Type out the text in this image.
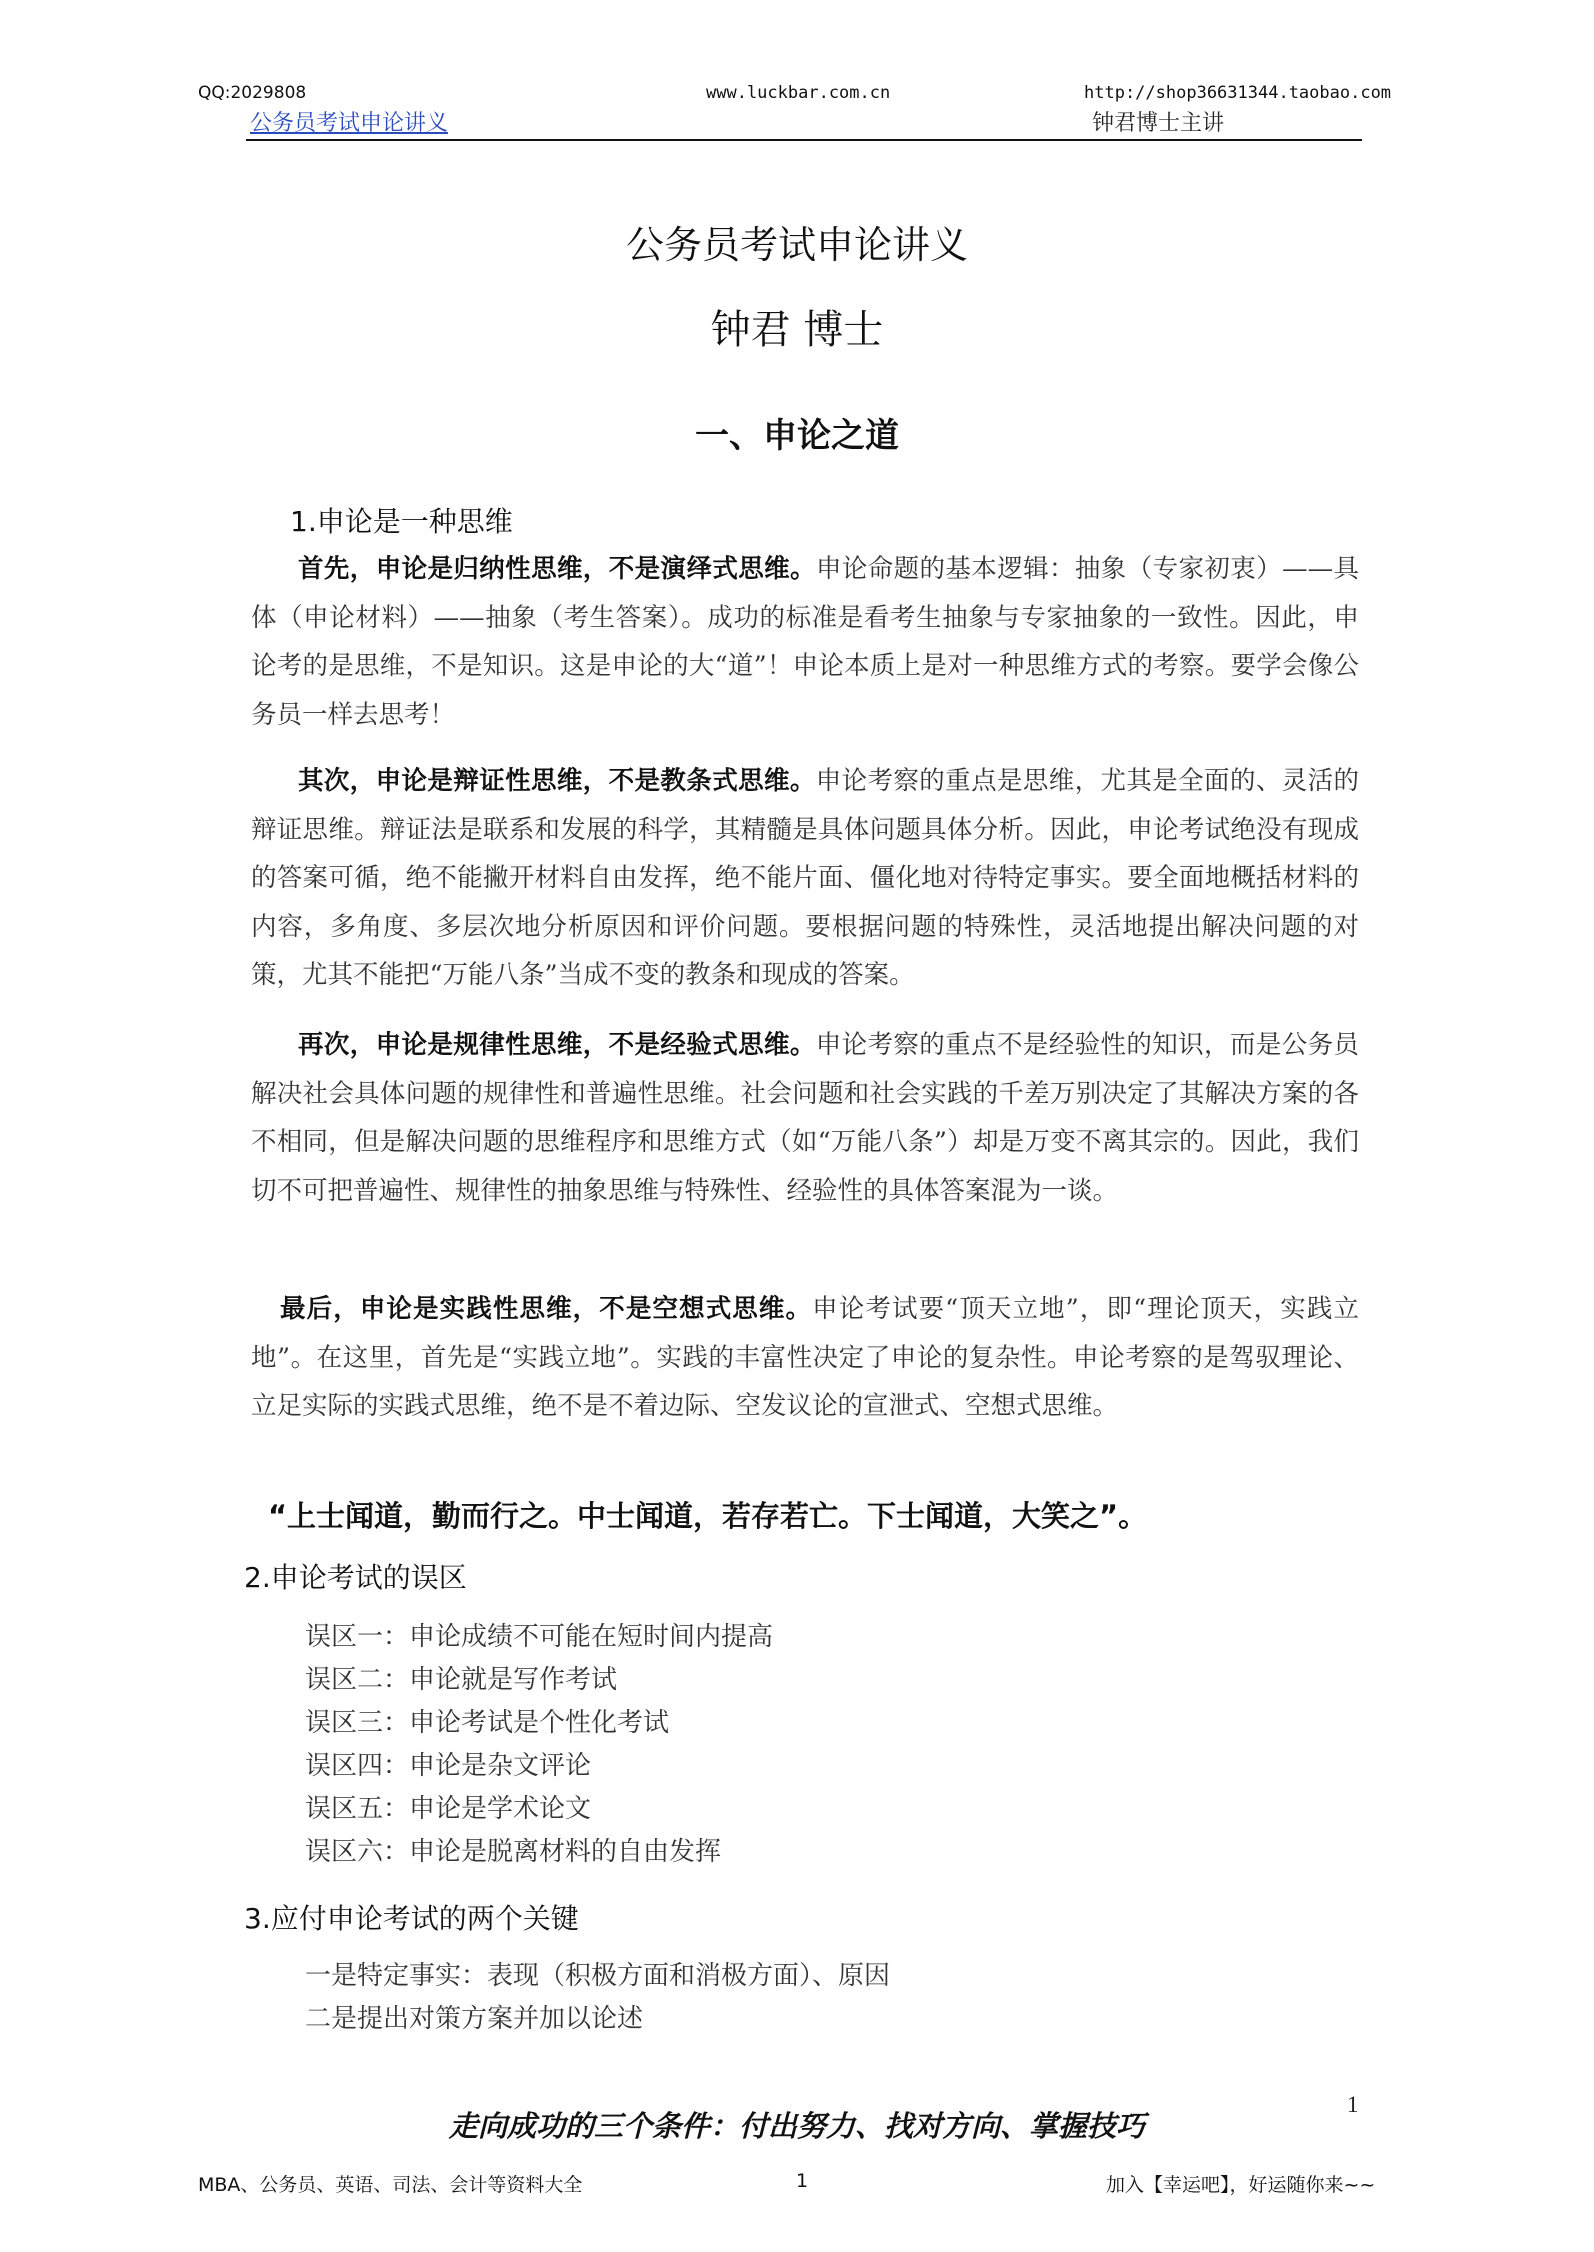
QQ:2029808	www.luckbar.com.cn	http://shop36631344.taobao.com
公务员考试申论讲义	钟君博士主讲
公务员考试申论讲义
钟君 博士
一、申论之道
1.申论是一种思维
首先，申论是归纳性思维，不是演绎式思维。申论命题的基本逻辑：抽象（专家初衷）——具体（申论材料）——抽象（考生答案）。成功的标准是看考生抽象与专家抽象的一致性。因此，申论考的是思维，不是知识。这是申论的大“道”！申论本质上是对一种思维方式的考察。要学会像公务员一样去思考！
其次，申论是辩证性思维，不是教条式思维。申论考察的重点是思维，尤其是全面的、灵活的辩证思维。辩证法是联系和发展的科学，其精髓是具体问题具体分析。因此，申论考试绝没有现成的答案可循，绝不能撇开材料自由发挥，绝不能片面、僵化地对待特定事实。要全面地概括材料的内容，多角度、多层次地分析原因和评价问题。要根据问题的特殊性，灵活地提出解决问题的对策，尤其不能把“万能八条”当成不变的教条和现成的答案。
再次，申论是规律性思维，不是经验式思维。申论考察的重点不是经验性的知识，而是公务员解决社会具体问题的规律性和普遍性思维。社会问题和社会实践的千差万别决定了其解决方案的各不相同，但是解决问题的思维程序和思维方式（如“万能八条”）却是万变不离其宗的。因此，我们切不可把普遍性、规律性的抽象思维与特殊性、经验性的具体答案混为一谈。
最后，申论是实践性思维，不是空想式思维。申论考试要“顶天立地”，即“理论顶天，实践立地”。在这里，首先是“实践立地”。实践的丰富性决定了申论的复杂性。申论考察的是驾驭理论、立足实际的实践式思维，绝不是不着边际、空发议论的宣泄式、空想式思维。
“上士闻道，勤而行之。中士闻道，若存若亡。下士闻道，大笑之”。
2.申论考试的误区
误区一：申论成绩不可能在短时间内提高
误区二：申论就是写作考试
误区三：申论考试是个性化考试
误区四：申论是杂文评论
误区五：申论是学术论文
误区六：申论是脱离材料的自由发挥
3.应付申论考试的两个关键
一是特定事实：表现（积极方面和消极方面）、原因
二是提出对策方案并加以论述
走向成功的三个条件：付出努力、找对方向、掌握技巧
1
MBA、公务员、英语、司法、会计等资料大全	1	加入【幸运吧】，好运随你来~~
